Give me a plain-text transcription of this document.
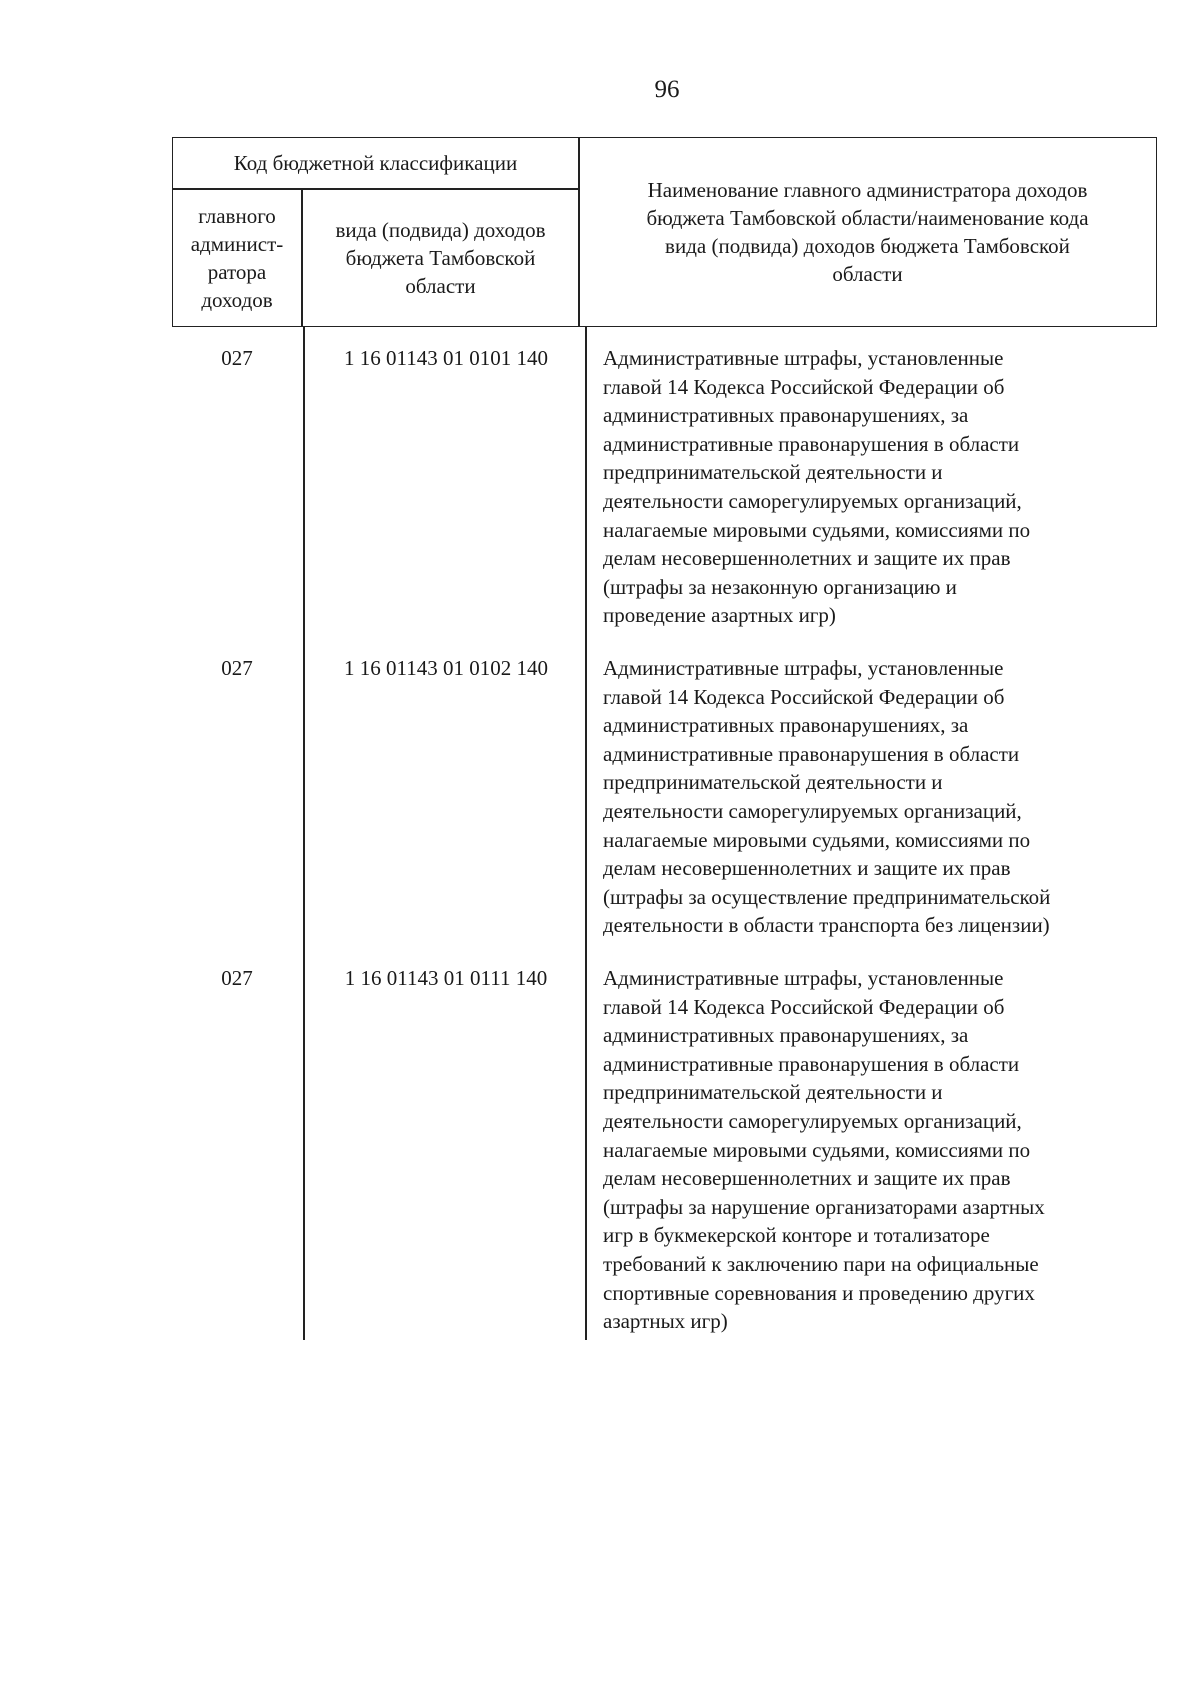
96
Код бюджетной классификации
главного
админист-
ратора
доходов
вида (подвида) доходов
бюджета Тамбовской
области
Наименование главного администратора доходов
бюджета Тамбовской области/наименование кода
вида (подвида) доходов бюджета Тамбовской
области
027	1 16 01143 01 0101 140	Административные штрафы, установленные
главой 14 Кодекса Российской Федерации об
административных правонарушениях, за
административные правонарушения в области
предпринимательской деятельности и
деятельности саморегулируемых организаций,
налагаемые мировыми судьями, комиссиями по
делам несовершеннолетних и защите их прав
(штрафы за незаконную организацию и
проведение азартных игр)
027	1 16 01143 01 0102 140	Административные штрафы, установленные
главой 14 Кодекса Российской Федерации об
административных правонарушениях, за
административные правонарушения в области
предпринимательской деятельности и
деятельности саморегулируемых организаций,
налагаемые мировыми судьями, комиссиями по
делам несовершеннолетних и защите их прав
(штрафы за осуществление предпринимательской
деятельности в области транспорта без лицензии)
027	1 16 01143 01 0111 140	Административные штрафы, установленные
главой 14 Кодекса Российской Федерации об
административных правонарушениях, за
административные правонарушения в области
предпринимательской деятельности и
деятельности саморегулируемых организаций,
налагаемые мировыми судьями, комиссиями по
делам несовершеннолетних и защите их прав
(штрафы за нарушение организаторами азартных
игр в букмекерской конторе и тотализаторе
требований к заключению пари на официальные
спортивные соревнования и проведению других
азартных игр)
